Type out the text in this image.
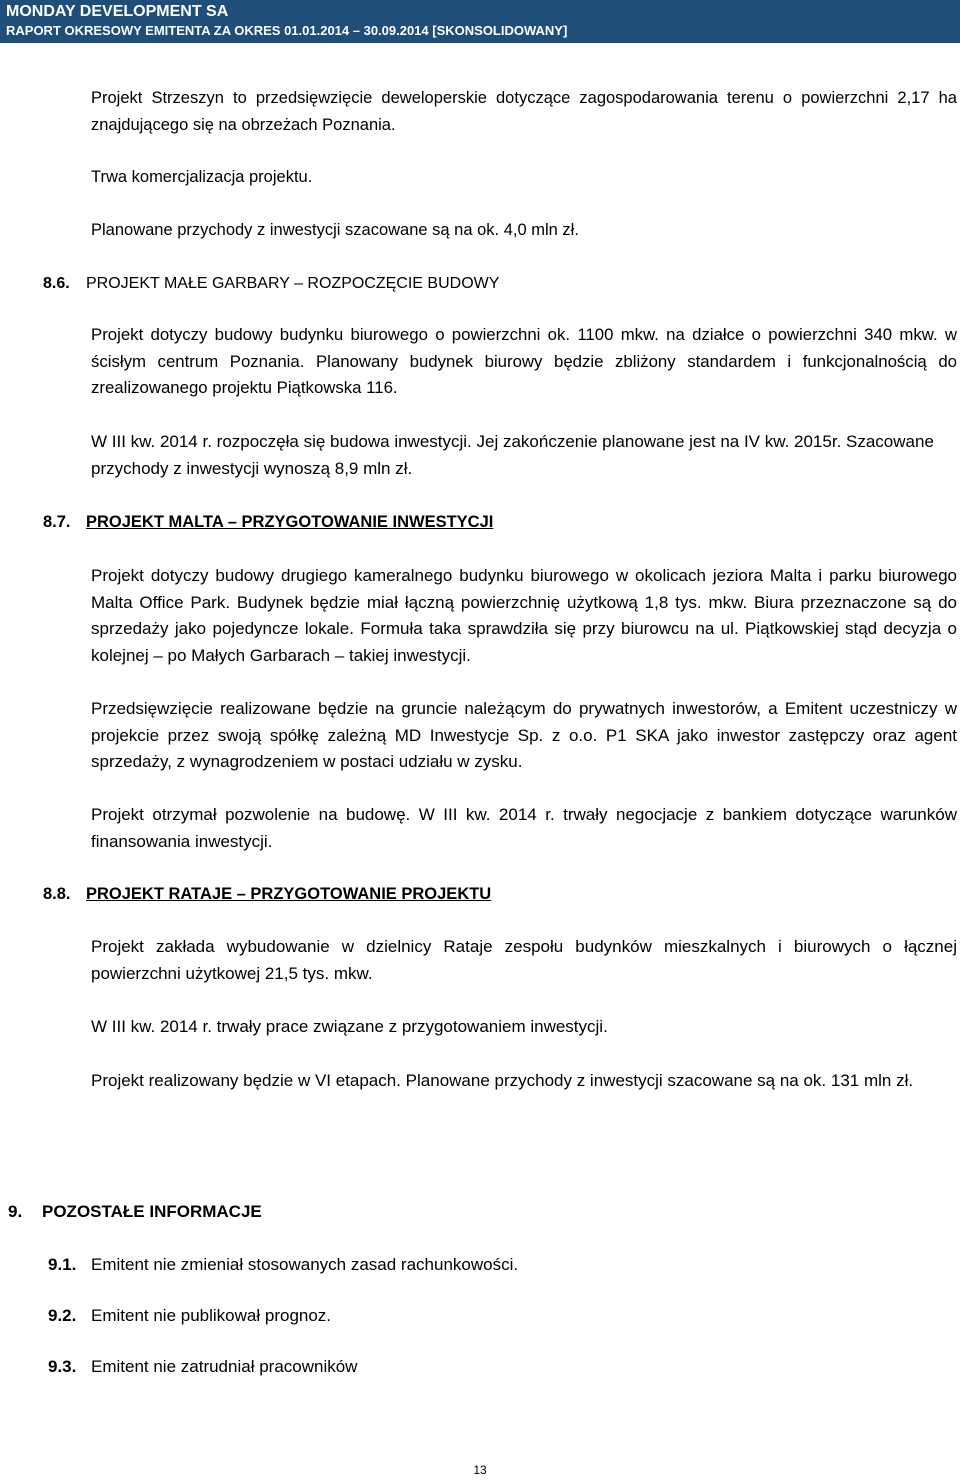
MONDAY DEVELOPMENT SA

RAPORT OKRESOWY EMITENTA ZA OKRES 01.01.2014 – 30.09.2014 [SKONSOLIDOWANY]

Projekt Strzeszyn to przedsięwzięcie deweloperskie dotyczące zagospodarowania terenu o powierzchni 2,17 ha znajdującego się na obrzeżach Poznania.

Trwa komercjalizacja projektu.

Planowane przychody z inwestycji szacowane są na ok. 4,0 mln zł.

8.6. PROJEKT MAŁE GARBARY – ROZPOCZĘCIE BUDOWY

Projekt dotyczy budowy budynku biurowego o powierzchni ok. 1100 mkw. na działce o powierzchni 340 mkw. w ścisłym centrum Poznania. Planowany budynek biurowy będzie zbliżony standardem i funkcjonalnością do zrealizowanego projektu Piątkowska 116.

W III kw. 2014 r. rozpoczęła się budowa inwestycji. Jej zakończenie planowane jest na IV kw. 2015r. Szacowane przychody z inwestycji wynoszą 8,9 mln zł.

8.7. PROJEKT MALTA – PRZYGOTOWANIE INWESTYCJI

Projekt dotyczy budowy drugiego kameralnego budynku biurowego w okolicach jeziora Malta i parku biurowego Malta Office Park. Budynek będzie miał łączną powierzchnię użytkową 1,8 tys. mkw. Biura przeznaczone są do sprzedaży jako pojedyncze lokale. Formuła taka sprawdziła się przy biurowcu na ul. Piątkowskiej stąd decyzja o kolejnej – po Małych Garbarach – takiej inwestycji.

Przedsięwzięcie realizowane będzie na gruncie należącym do prywatnych inwestorów, a Emitent uczestniczy w projekcie przez swoją spółkę zależną MD Inwestycje Sp. z o.o. P1 SKA jako inwestor zastępczy oraz agent sprzedaży, z wynagrodzeniem w postaci udziału w zysku.

Projekt otrzymał pozwolenie na budowę. W III kw. 2014 r. trwały negocjacje z bankiem dotyczące warunków finansowania inwestycji.

8.8. PROJEKT RATAJE – PRZYGOTOWANIE PROJEKTU

Projekt zakłada wybudowanie w dzielnicy Rataje zespołu budynków mieszkalnych i biurowych o łącznej powierzchni użytkowej 21,5 tys. mkw.

W III kw. 2014 r. trwały prace związane z przygotowaniem inwestycji.

Projekt realizowany będzie w VI etapach. Planowane przychody z inwestycji szacowane są na ok. 131 mln zł.

9. POZOSTAŁE INFORMACJE

9.1. Emitent nie zmieniał stosowanych zasad rachunkowości.

9.2. Emitent nie publikował prognoz.

9.3. Emitent nie zatrudniał pracowników

13
